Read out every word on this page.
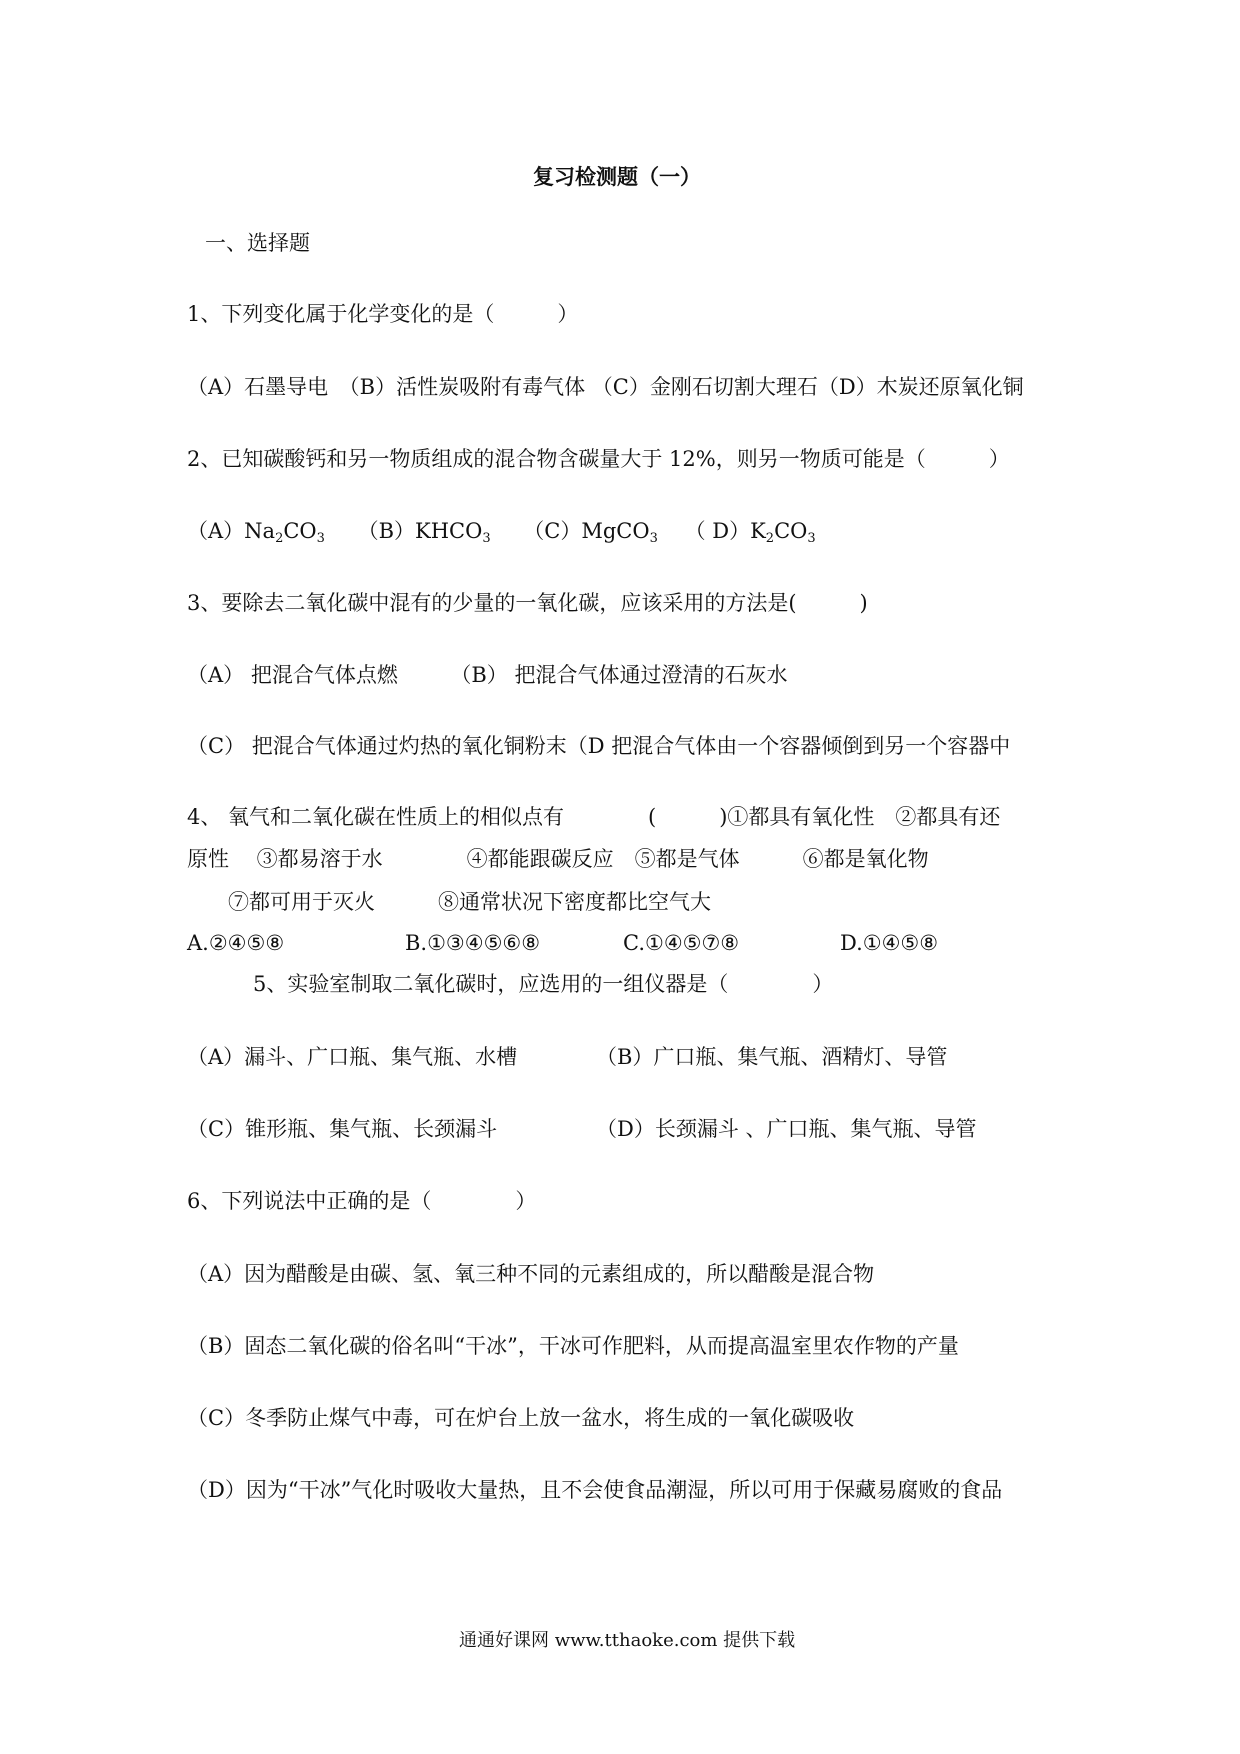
复习检测题（一）
一、选择题
1、下列变化属于化学变化的是（　　　）
（A）石墨导电　（B）活性炭吸附有毒气体 （C）金刚石切割大理石（D）木炭还原氧化铜
2、已知碳酸钙和另一物质组成的混合物含碳量大于 12%，则另一物质可能是（　　　）
$(A)Na_2CO_3$ $(B)KHCO_3$ （C）MgCO$_3$ （ $D)K_2CO_3$
3、要除去二氧化碳中混有的少量的一氧化碳，应该采用的方法是(　　　)
（A） 把混合气体点燃　　　（B） 把混合气体通过澄清的石灰水
（C） 把混合气体通过灼热的氧化铜粉末（D 把混合气体由一个容器倾倒到另一个容器中
4、 氧气和二氧化碳在性质上的相似点有　　　　(　　　)①都具有氧化性　②都具有还
原性　 ③都易溶于水　　　　④都能跟碳反应　⑤都是气体　　　⑥都是氧化物
⑦都可用于灭火　　　⑧通常状况下密度都比空气大
A.②④⑤⑧	B.①③④⑤⑥⑧	C.①④⑤⑦⑧	D.①④⑤⑧
5、实验室制取二氧化碳时，应选用的一组仪器是（　　　　）
（A）漏斗、广口瓶、集气瓶、水槽	（B）广口瓶、集气瓶、酒精灯、导管
（C）锥形瓶、集气瓶、长颈漏斗	（D）长颈漏斗 、广口瓶、集气瓶、导管
6、下列说法中正确的是（　　　　）
（A）因为醋酸是由碳、氢、氧三种不同的元素组成的，所以醋酸是混合物
（B）固态二氧化碳的俗名叫“干冰”，干冰可作肥料，从而提高温室里农作物的产量
（C）冬季防止煤气中毒，可在炉台上放一盆水，将生成的一氧化碳吸收
（D）因为“干冰”气化时吸收大量热，且不会使食品潮湿，所以可用于保藏易腐败的食品
通通好课网 www.tthaoke.com 提供下载
